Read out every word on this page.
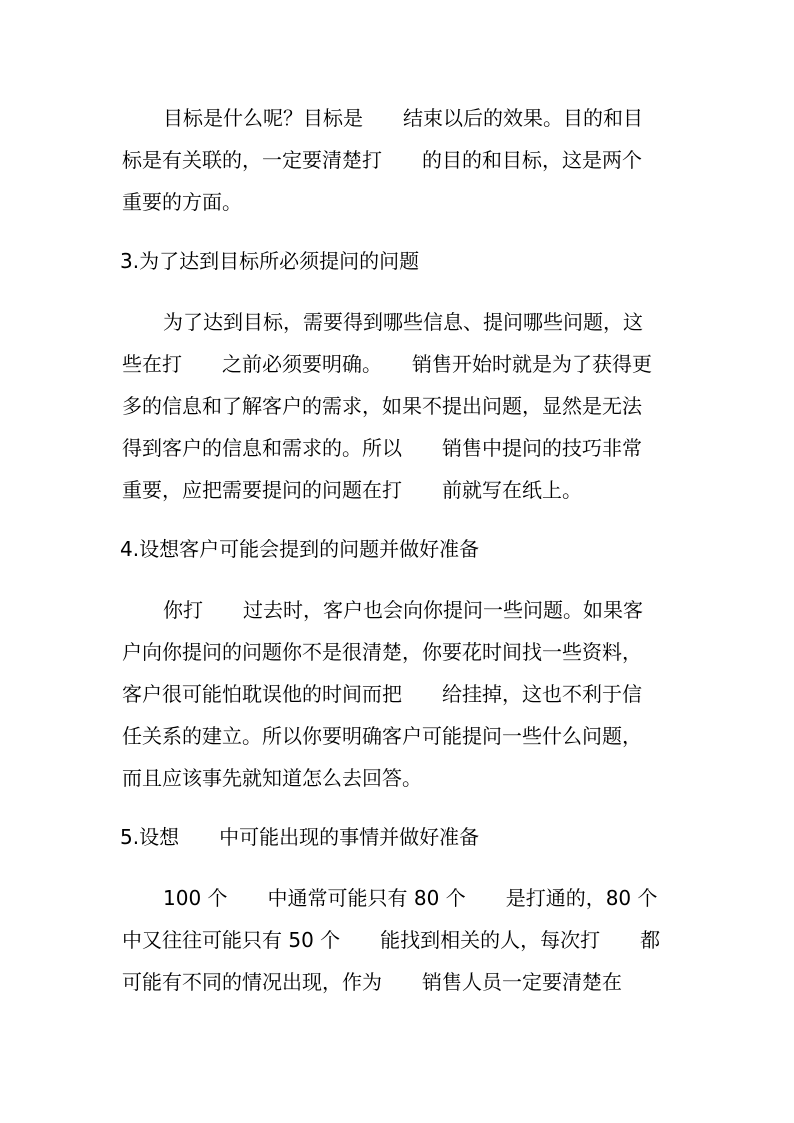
目标是什么呢？目标是　　结束以后的效果。目的和目

标是有关联的，一定要清楚打　　的目的和目标，这是两个

重要的方面。

3.为了达到目标所必须提问的问题

为了达到目标，需要得到哪些信息、提问哪些问题，这

些在打　　之前必须要明确。　　销售开始时就是为了获得更

多的信息和了解客户的需求，如果不提出问题，显然是无法

得到客户的信息和需求的。所以　　销售中提问的技巧非常

重要，应把需要提问的问题在打　　前就写在纸上。

4.设想客户可能会提到的问题并做好准备

你打　　过去时，客户也会向你提问一些问题。如果客

户向你提问的问题你不是很清楚，你要花时间找一些资料，

客户很可能怕耽误他的时间而把　　给挂掉，这也不利于信

任关系的建立。所以你要明确客户可能提问一些什么问题，

而且应该事先就知道怎么去回答。

5.设想　　中可能出现的事情并做好准备

100 个　　中通常可能只有 80 个　　是打通的，80 个

中又往往可能只有 50 个　　能找到相关的人，每次打　　都

可能有不同的情况出现，作为　　销售人员一定要清楚在
